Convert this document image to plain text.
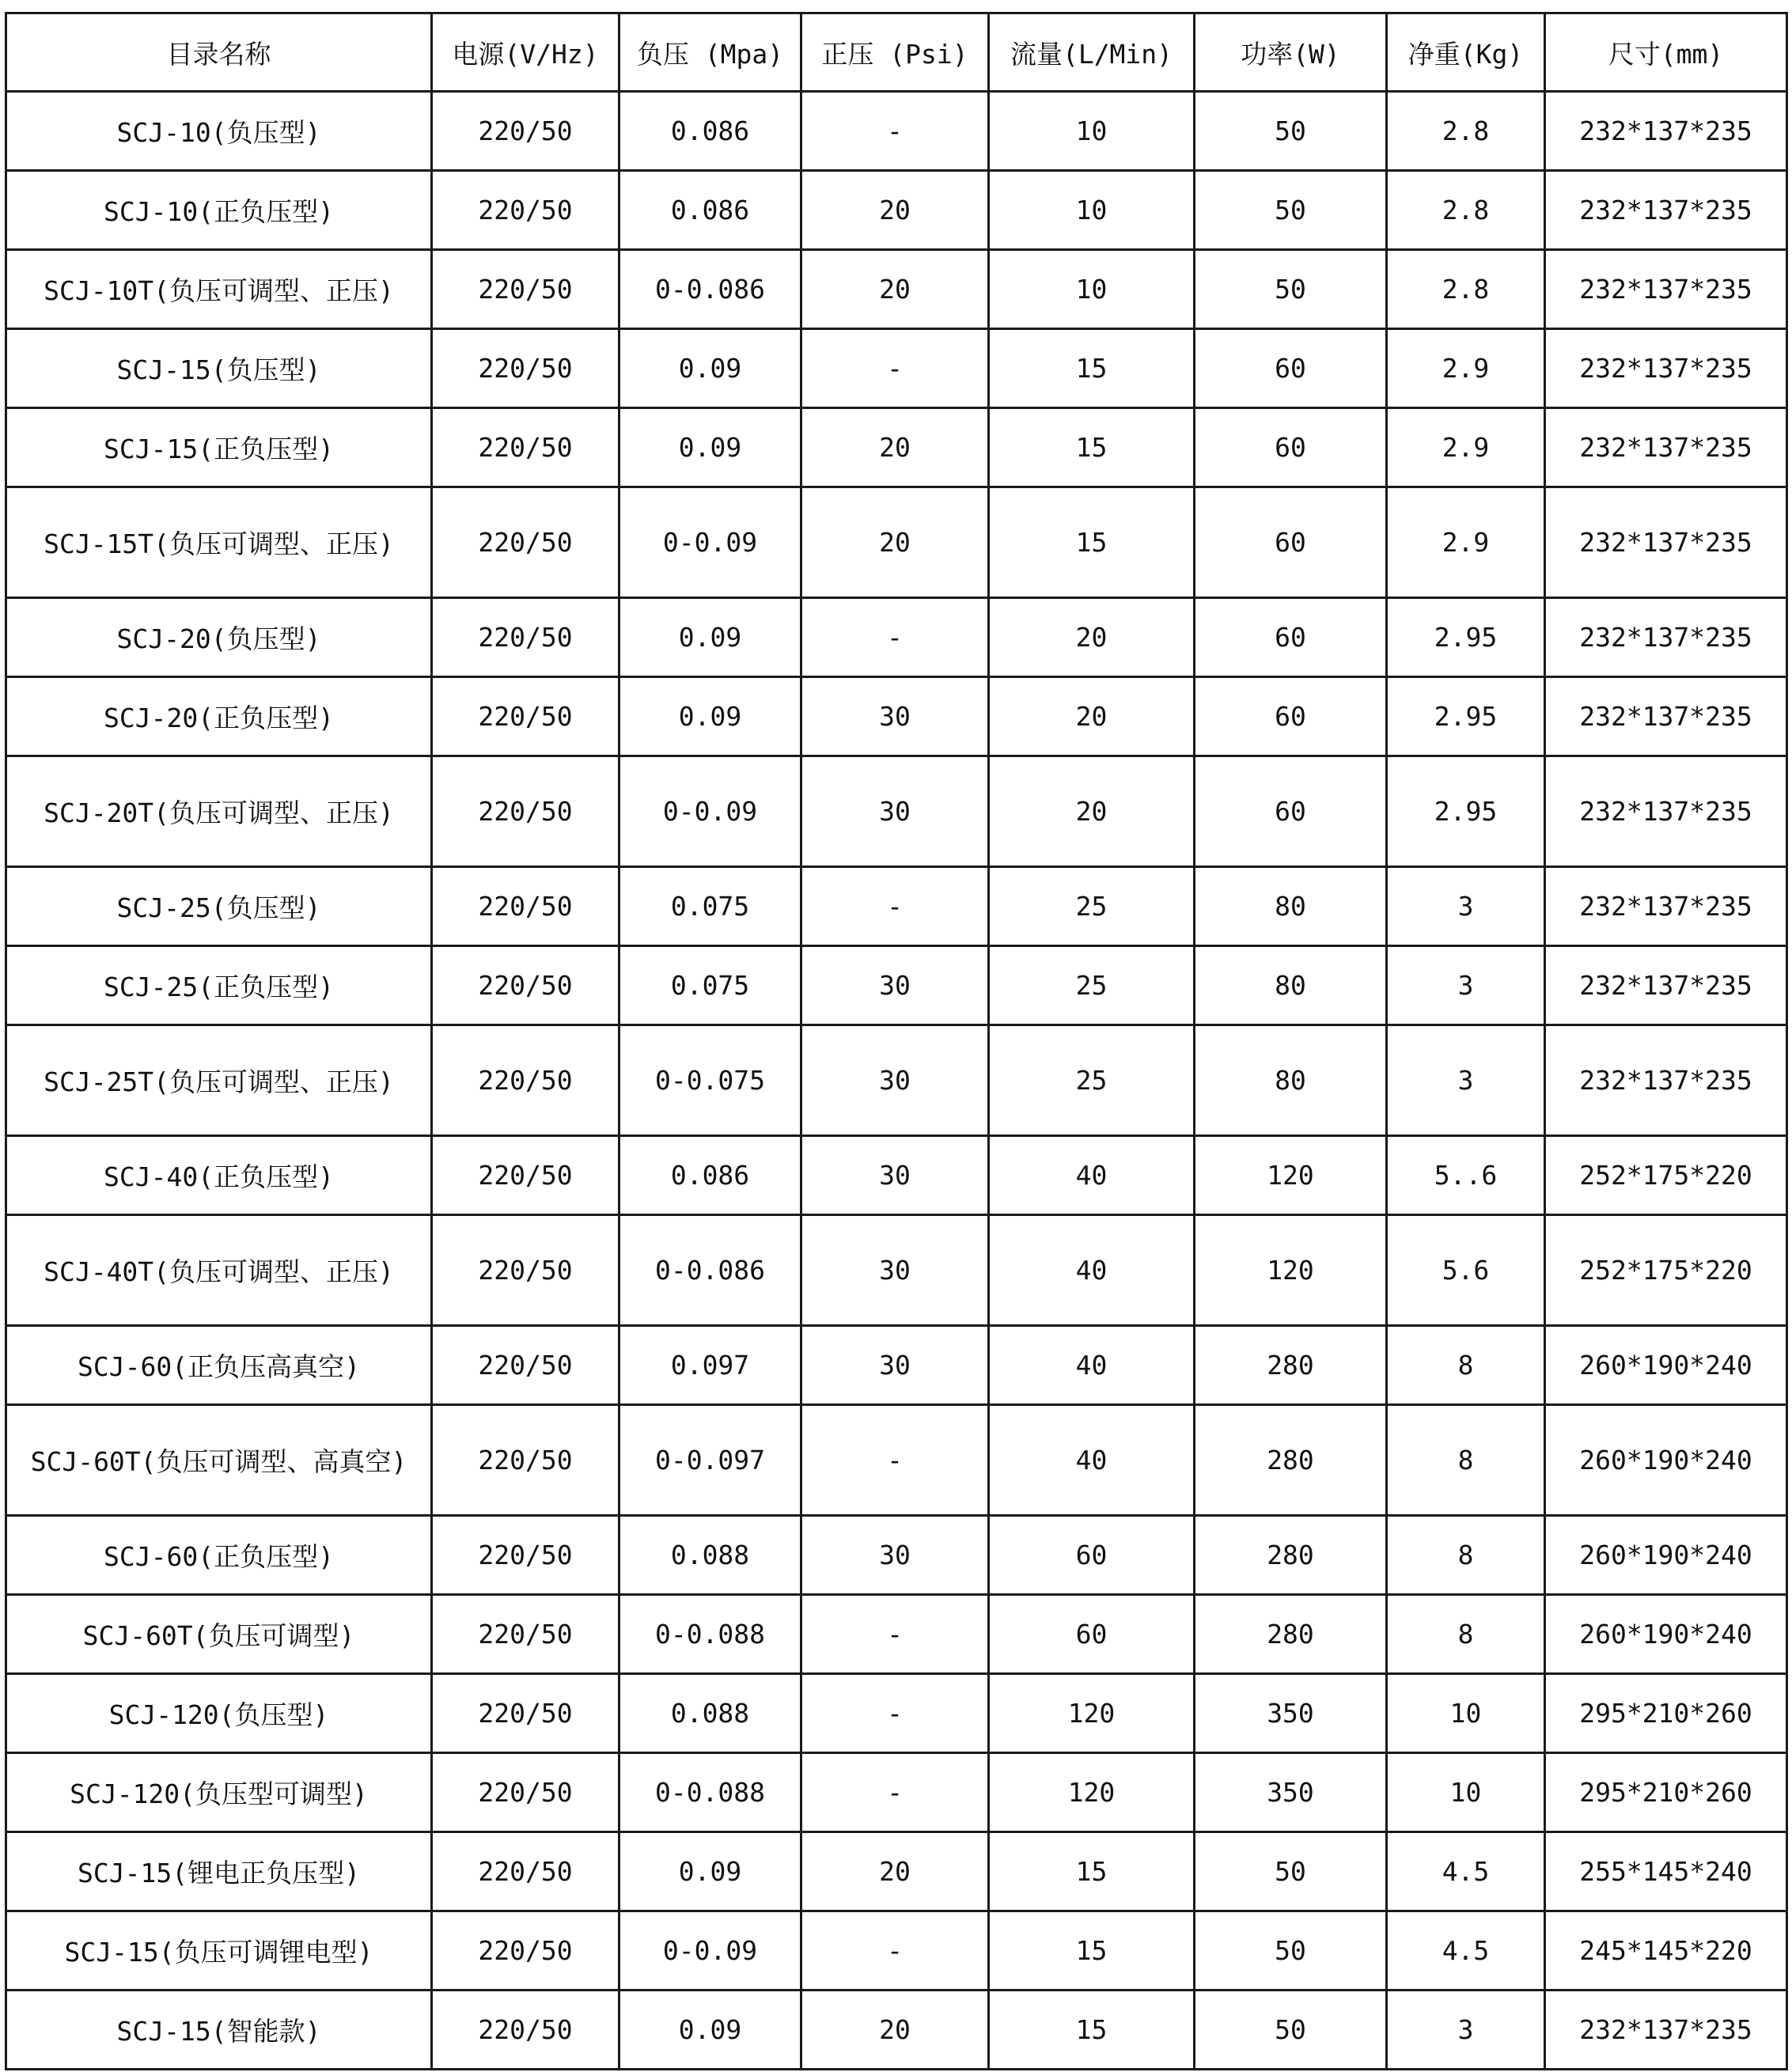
目录名称	电源(V/Hz)	负压 (Mpa)	正压 (Psi)	流量(L/Min)	功率(W)	净重(Kg)	尺寸(mm)
SCJ-10(负压型)	220/50	0.086	-	10	50	2.8	232*137*235
SCJ-10(正负压型)	220/50	0.086	20	10	50	2.8	232*137*235
SCJ-10T(负压可调型、正压)	220/50	0-0.086	20	10	50	2.8	232*137*235
SCJ-15(负压型)	220/50	0.09	-	15	60	2.9	232*137*235
SCJ-15(正负压型)	220/50	0.09	20	15	60	2.9	232*137*235
SCJ-15T(负压可调型、正压)	220/50	0-0.09	20	15	60	2.9	232*137*235
SCJ-20(负压型)	220/50	0.09	-	20	60	2.95	232*137*235
SCJ-20(正负压型)	220/50	0.09	30	20	60	2.95	232*137*235
SCJ-20T(负压可调型、正压)	220/50	0-0.09	30	20	60	2.95	232*137*235
SCJ-25(负压型)	220/50	0.075	-	25	80	3	232*137*235
SCJ-25(正负压型)	220/50	0.075	30	25	80	3	232*137*235
SCJ-25T(负压可调型、正压)	220/50	0-0.075	30	25	80	3	232*137*235
SCJ-40(正负压型)	220/50	0.086	30	40	120	5..6	252*175*220
SCJ-40T(负压可调型、正压)	220/50	0-0.086	30	40	120	5.6	252*175*220
SCJ-60(正负压高真空)	220/50	0.097	30	40	280	8	260*190*240
SCJ-60T(负压可调型、高真空)	220/50	0-0.097	-	40	280	8	260*190*240
SCJ-60(正负压型)	220/50	0.088	30	60	280	8	260*190*240
SCJ-60T(负压可调型)	220/50	0-0.088	-	60	280	8	260*190*240
SCJ-120(负压型)	220/50	0.088	-	120	350	10	295*210*260
SCJ-120(负压型可调型)	220/50	0-0.088	-	120	350	10	295*210*260
SCJ-15(锂电正负压型)	220/50	0.09	20	15	50	4.5	255*145*240
SCJ-15(负压可调锂电型)	220/50	0-0.09	-	15	50	4.5	245*145*220
SCJ-15(智能款)	220/50	0.09	20	15	50	3	232*137*235
